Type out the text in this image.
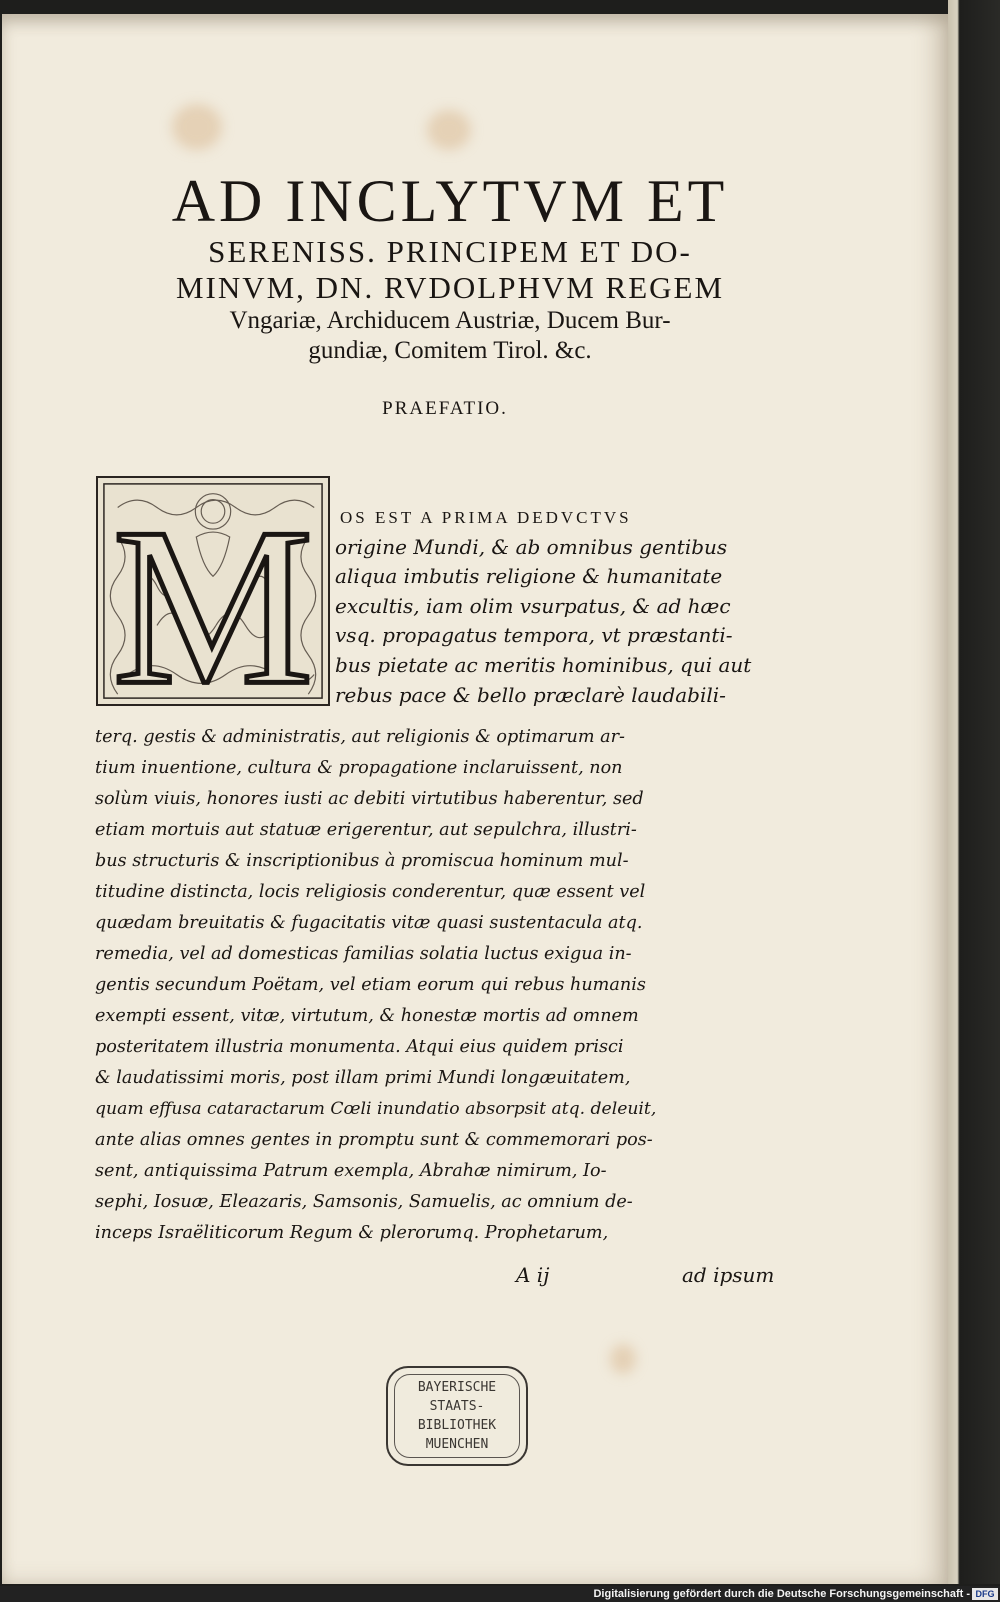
AD INCLYTVM ET
SERENISS. PRINCIPEM ET DO-
MINVM, DN. RVDOLPHVM REGEM
Vngariæ, Archiducem Austriæ, Ducem Bur-
gundiæ, Comitem Tirol. &c.
PRAEFATIO.
M OS EST A PRIMA DEDVCTVS
origine Mundi, & ab omnibus gentibus
aliqua imbutis religione & humanitate
excultis, iam olim vsurpatus, & ad hæc
vsq. propagatus tempora, vt præstanti-
bus pietate ac meritis hominibus, qui aut
rebus pace & bello præclarè laudabili-
terq. gestis & administratis, aut religionis & optimarum ar-
tium inuentione, cultura & propagatione inclaruissent, non
solùm viuis, honores iusti ac debiti virtutibus haberentur, sed
etiam mortuis aut statuæ erigerentur, aut sepulchra, illustri-
bus structuris & inscriptionibus à promiscua hominum mul-
titudine distincta, locis religiosis conderentur, quæ essent vel
quædam breuitatis & fugacitatis vitæ quasi sustentacula atq.
remedia, vel ad domesticas familias solatia luctus exigua in-
gentis secundum Poëtam, vel etiam eorum qui rebus humanis
exempti essent, vitæ, virtutum, & honestæ mortis ad omnem
posteritatem illustria monumenta. Atqui eius quidem prisci
& laudatissimi moris, post illam primi Mundi longæuitatem,
quam effusa cataractarum Cœli inundatio absorpsit atq. deleuit,
ante alias omnes gentes in promptu sunt & commemorari pos-
sent, antiquissima Patrum exempla, Abrahæ nimirum, Io-
sephi, Iosuæ, Eleazaris, Samsonis, Samuelis, ac omnium de-
inceps Israëliticorum Regum & plerorumq. Prophetarum,
A ij	ad ipsum
BAYERISCHE
STAATS-
BIBLIOTHEK
MUENCHEN
Digitalisierung gefördert durch die Deutsche Forschungsgemeinschaft - DFG
